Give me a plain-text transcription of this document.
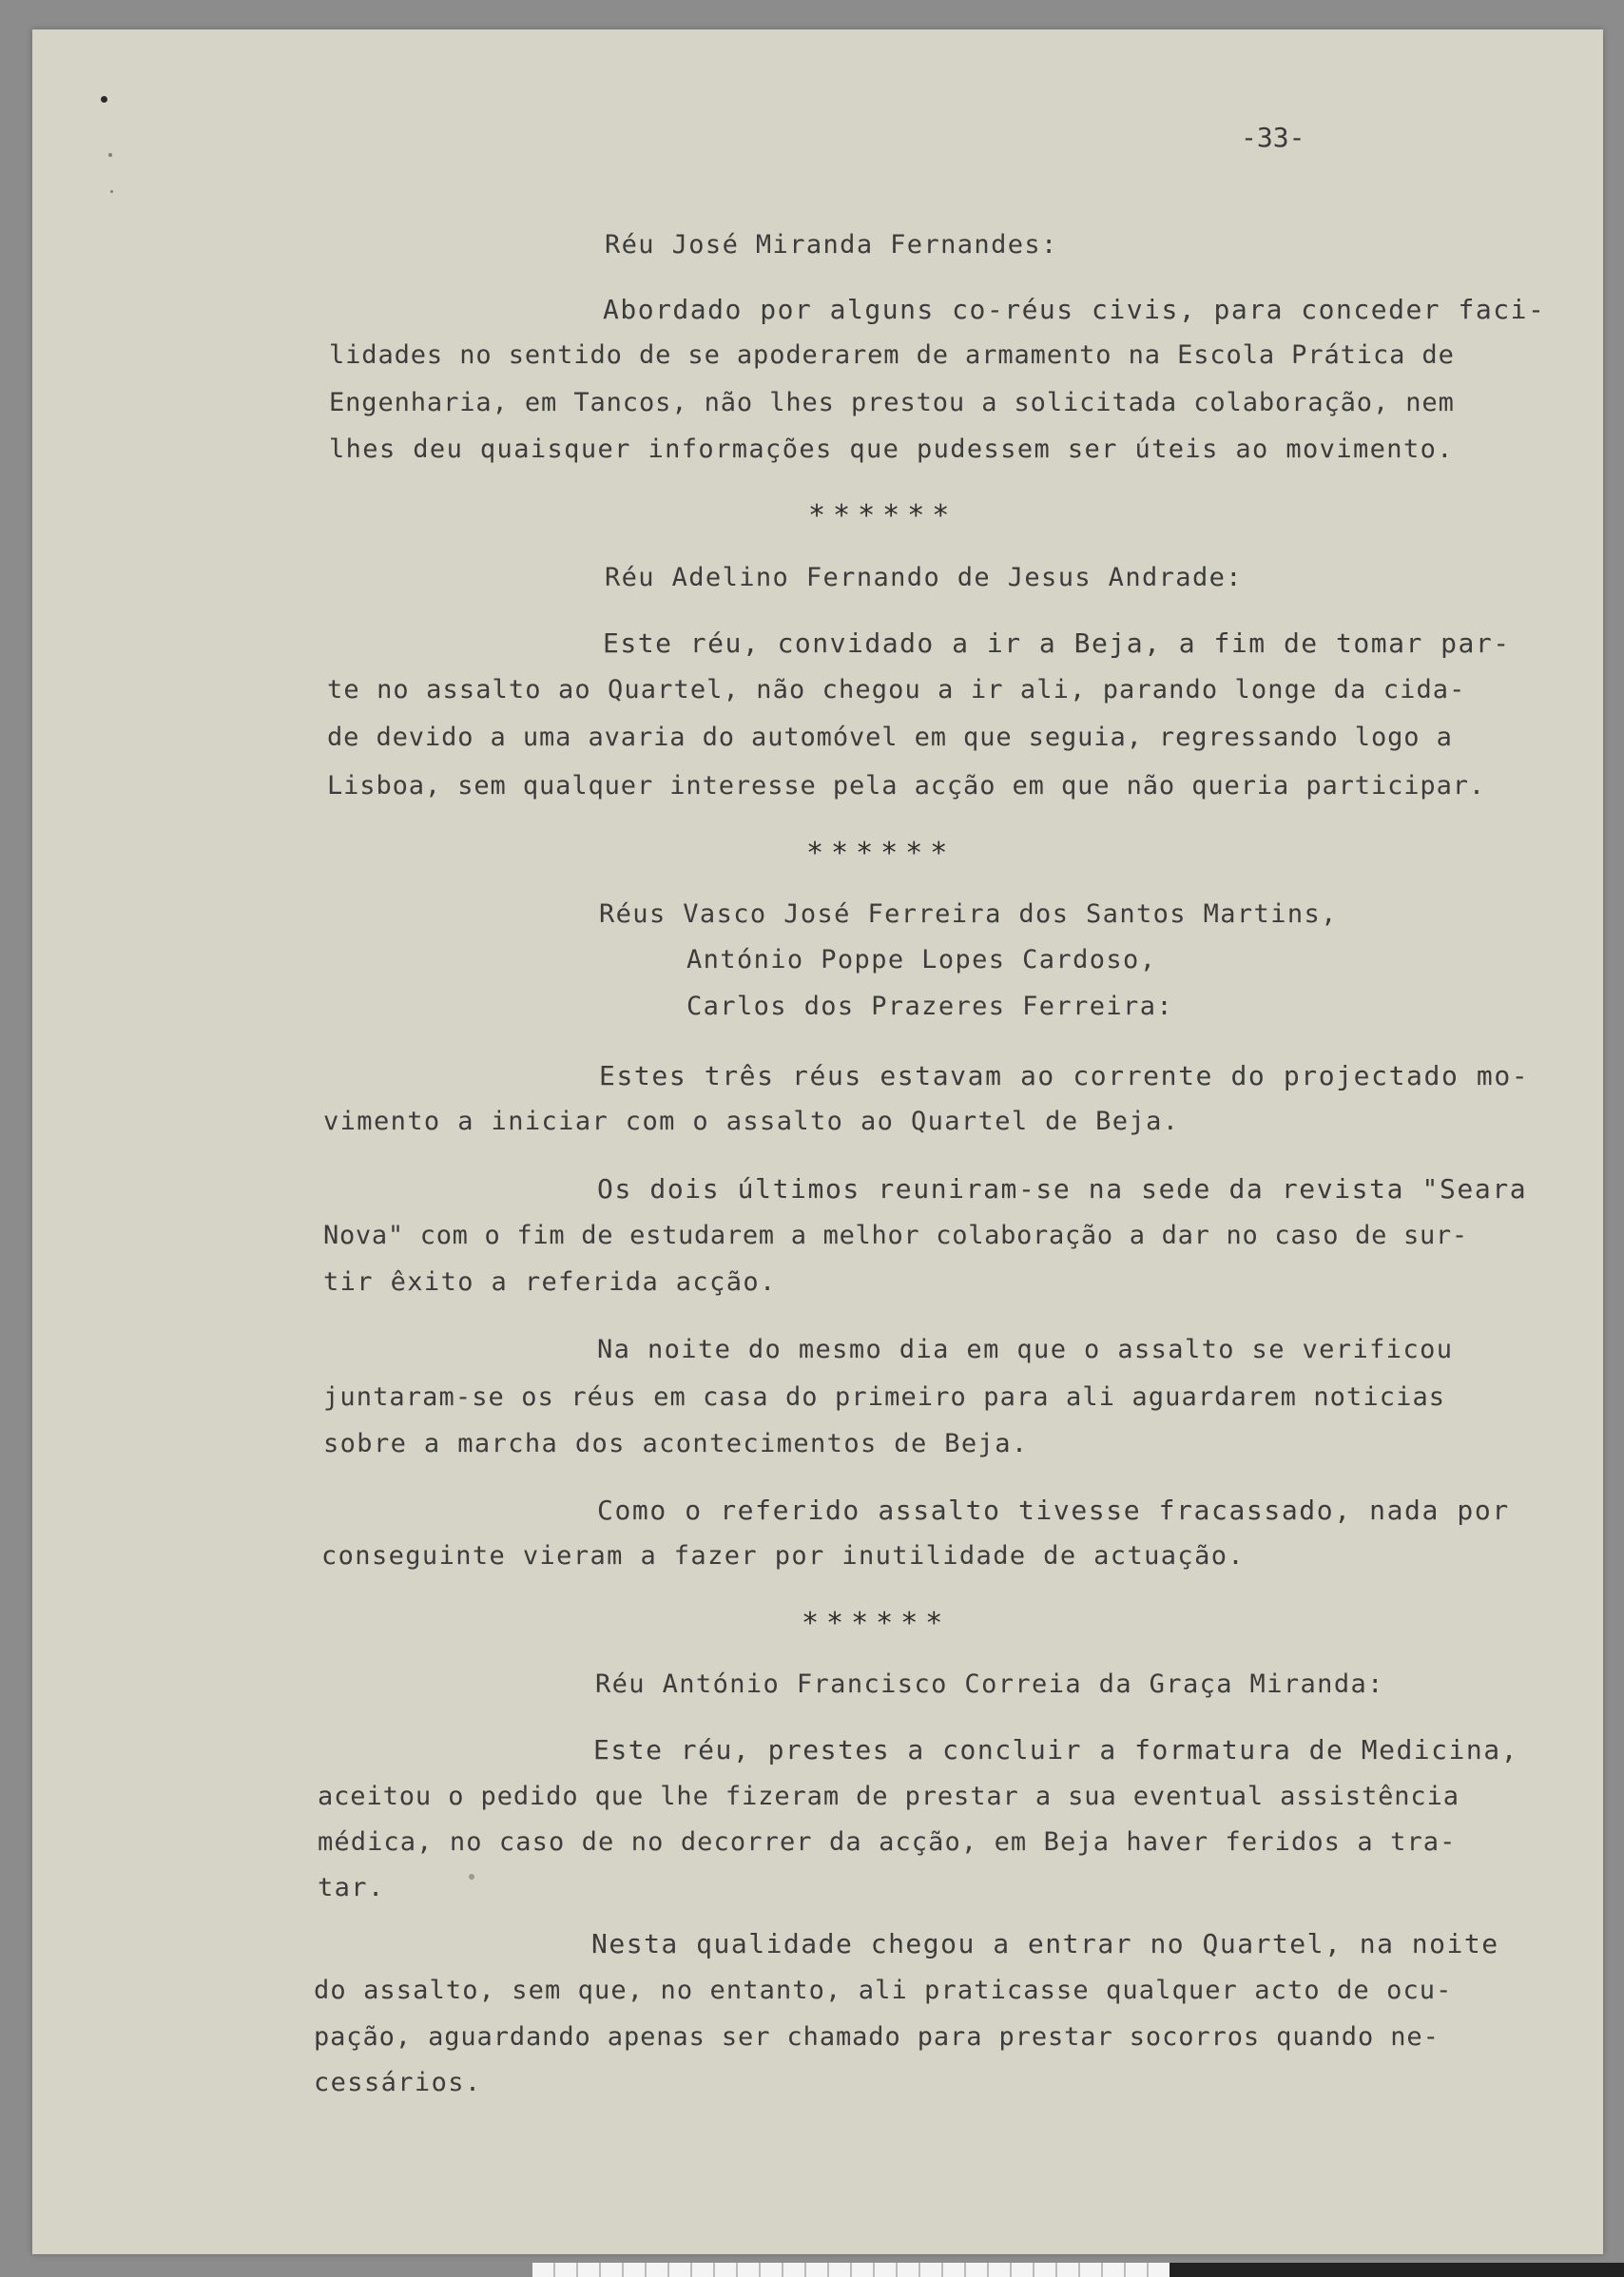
-33-
Réu José Miranda Fernandes:
Abordado por alguns co-réus civis, para conceder faci-
lidades no sentido de se apoderarem de armamento na Escola Prática de
Engenharia, em Tancos, não lhes prestou a solicitada colaboração, nem
lhes deu quaisquer informações que pudessem ser úteis ao movimento.
******
Réu Adelino Fernando de Jesus Andrade:
Este réu, convidado a ir a Beja, a fim de tomar par-
te no assalto ao Quartel, não chegou a ir ali, parando longe da cida-
de devido a uma avaria do automóvel em que seguia, regressando logo a
Lisboa, sem qualquer interesse pela acção em que não queria participar.
******
Réus Vasco José Ferreira dos Santos Martins,
António Poppe Lopes Cardoso,
Carlos dos Prazeres Ferreira:
Estes três réus estavam ao corrente do projectado mo-
vimento a iniciar com o assalto ao Quartel de Beja.
Os dois últimos reuniram-se na sede da revista "Seara
Nova" com o fim de estudarem a melhor colaboração a dar no caso de sur-
tir êxito a referida acção.
Na noite do mesmo dia em que o assalto se verificou
juntaram-se os réus em casa do primeiro para ali aguardarem noticias
sobre a marcha dos acontecimentos de Beja.
Como o referido assalto tivesse fracassado, nada por
conseguinte vieram a fazer por inutilidade de actuação.
******
Réu António Francisco Correia da Graça Miranda:
Este réu, prestes a concluir a formatura de Medicina,
aceitou o pedido que lhe fizeram de prestar a sua eventual assistência
médica, no caso de no decorrer da acção, em Beja haver feridos a tra-
tar.
Nesta qualidade chegou a entrar no Quartel, na noite
do assalto, sem que, no entanto, ali praticasse qualquer acto de ocu-
pação, aguardando apenas ser chamado para prestar socorros quando ne-
cessários.
